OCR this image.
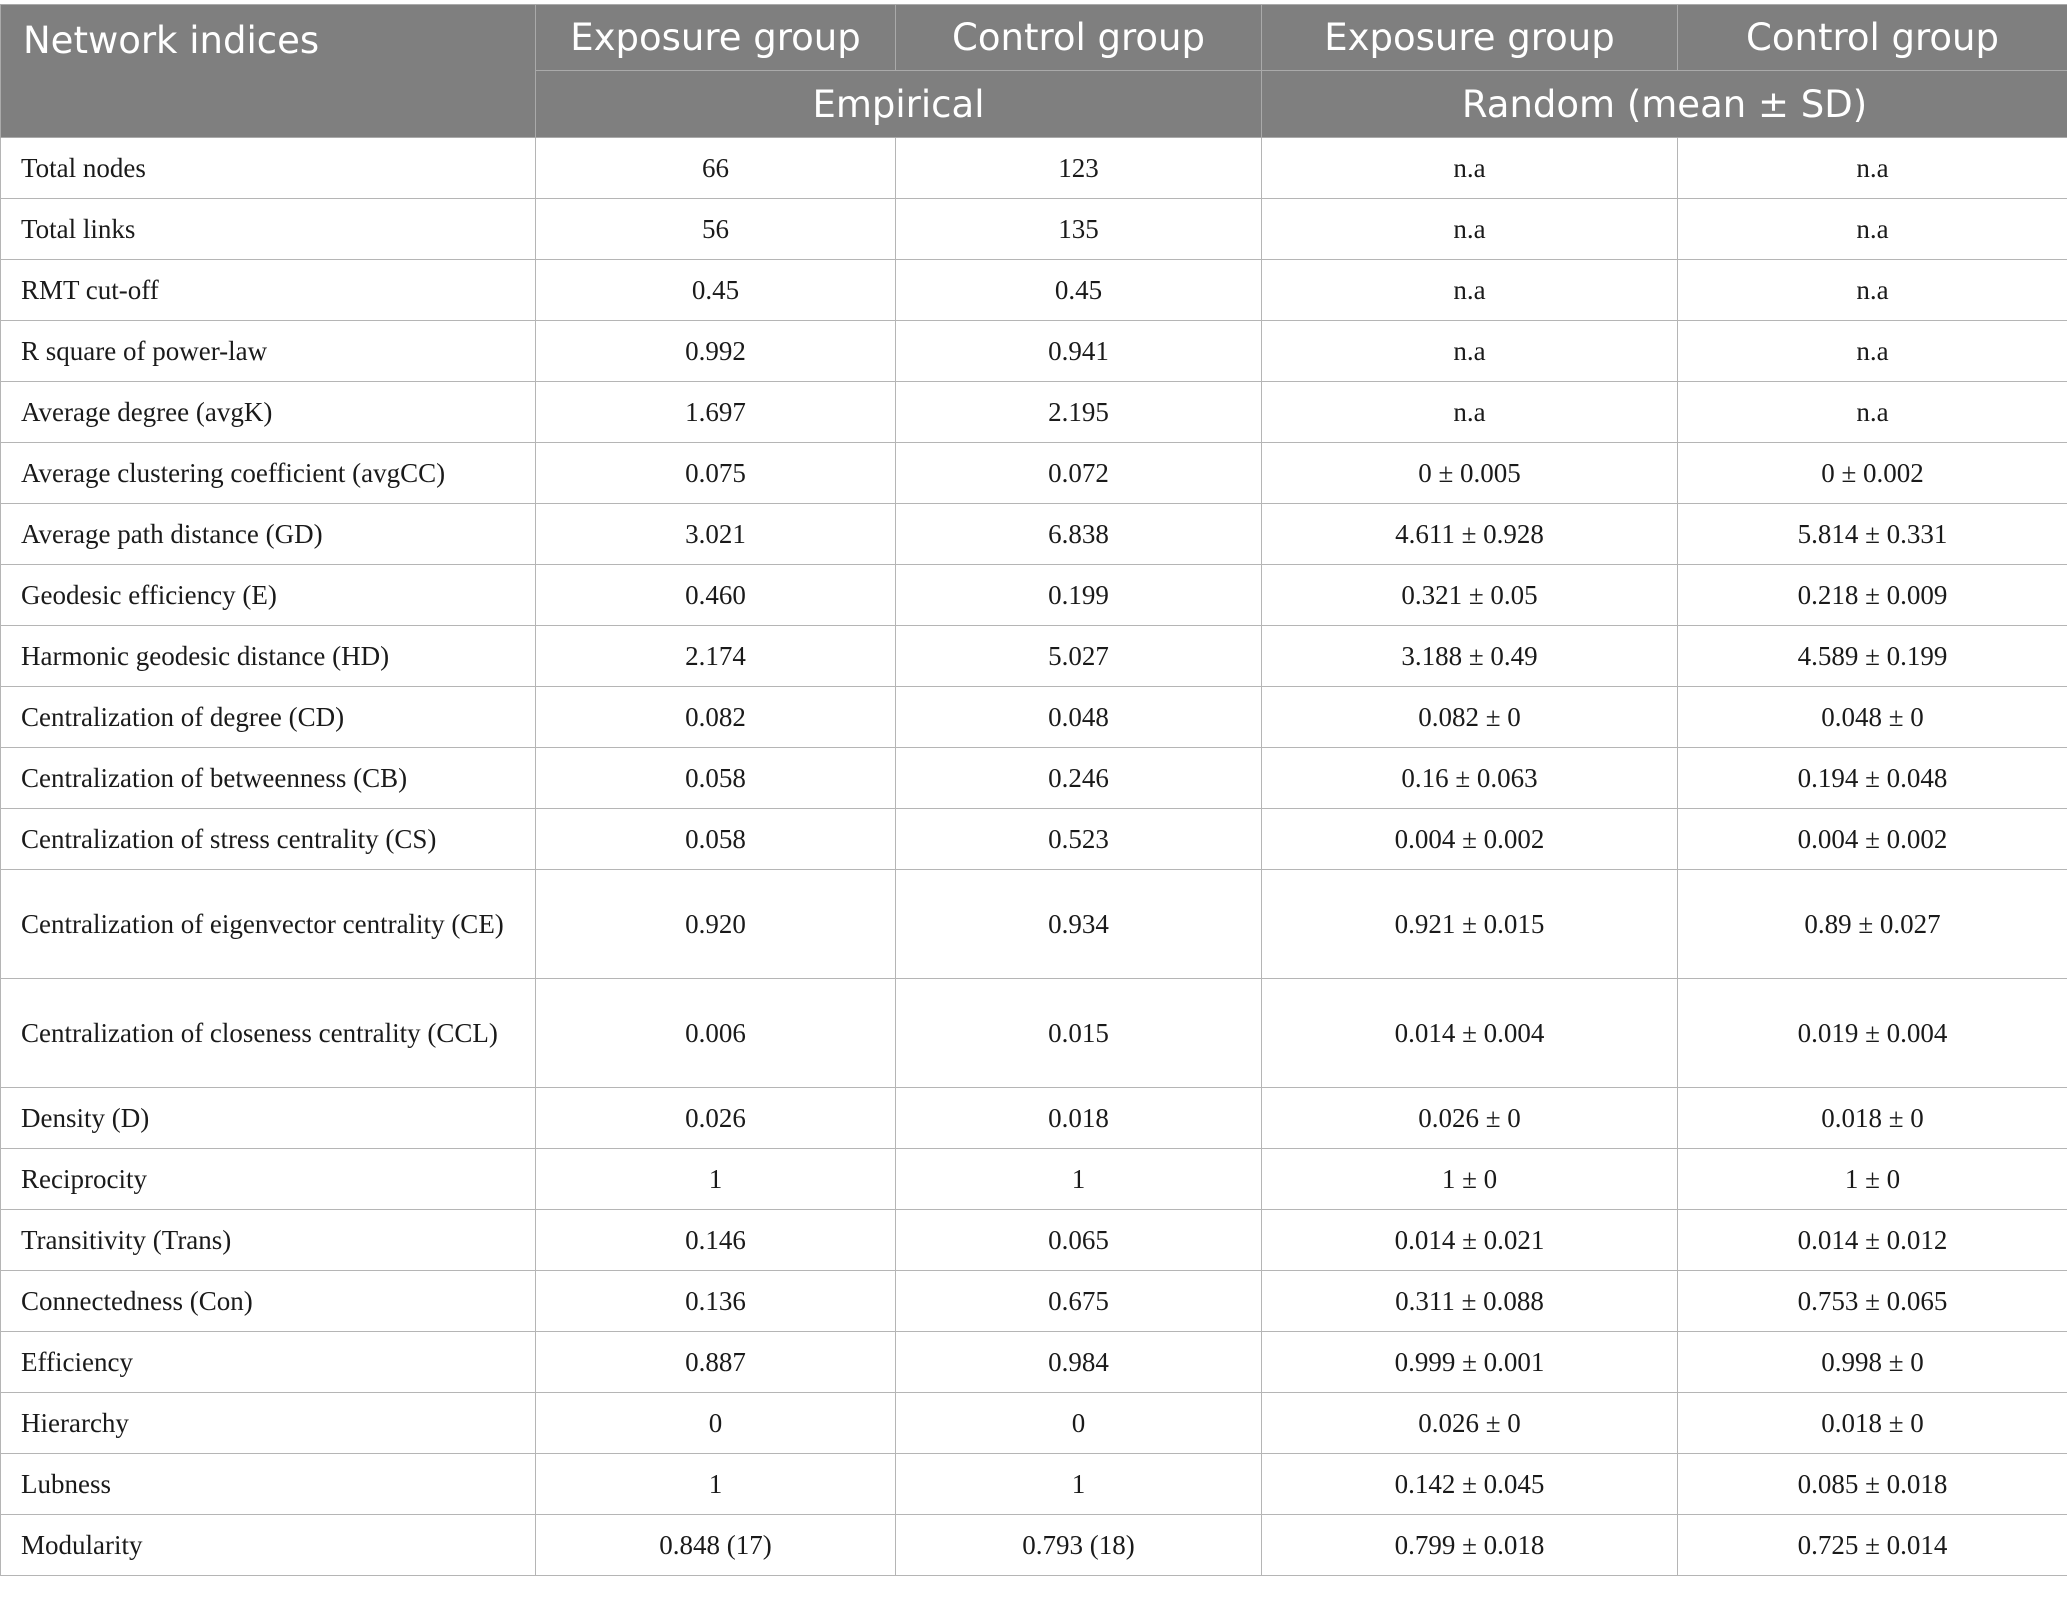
Network indices	Exposure group	Control group	Exposure group	Control group
	Empirical		Random (mean ± SD)	
Total nodes	66	123	n.a	n.a
Total links	56	135	n.a	n.a
RMT cut-off	0.45	0.45	n.a	n.a
R square of power-law	0.992	0.941	n.a	n.a
Average degree (avgK)	1.697	2.195	n.a	n.a
Average clustering coefficient (avgCC)	0.075	0.072	0 ± 0.005	0 ± 0.002
Average path distance (GD)	3.021	6.838	4.611 ± 0.928	5.814 ± 0.331
Geodesic efficiency (E)	0.460	0.199	0.321 ± 0.05	0.218 ± 0.009
Harmonic geodesic distance (HD)	2.174	5.027	3.188 ± 0.49	4.589 ± 0.199
Centralization of degree (CD)	0.082	0.048	0.082 ± 0	0.048 ± 0
Centralization of betweenness (CB)	0.058	0.246	0.16 ± 0.063	0.194 ± 0.048
Centralization of stress centrality (CS)	0.058	0.523	0.004 ± 0.002	0.004 ± 0.002
Centralization of eigenvector centrality (CE)	0.920	0.934	0.921 ± 0.015	0.89 ± 0.027
Centralization of closeness centrality (CCL)	0.006	0.015	0.014 ± 0.004	0.019 ± 0.004
Density (D)	0.026	0.018	0.026 ± 0	0.018 ± 0
Reciprocity	1	1	1 ± 0	1 ± 0
Transitivity (Trans)	0.146	0.065	0.014 ± 0.021	0.014 ± 0.012
Connectedness (Con)	0.136	0.675	0.311 ± 0.088	0.753 ± 0.065
Efficiency	0.887	0.984	0.999 ± 0.001	0.998 ± 0
Hierarchy	0	0	0.026 ± 0	0.018 ± 0
Lubness	1	1	0.142 ± 0.045	0.085 ± 0.018
Modularity	0.848 (17)	0.793 (18)	0.799 ± 0.018	0.725 ± 0.014
